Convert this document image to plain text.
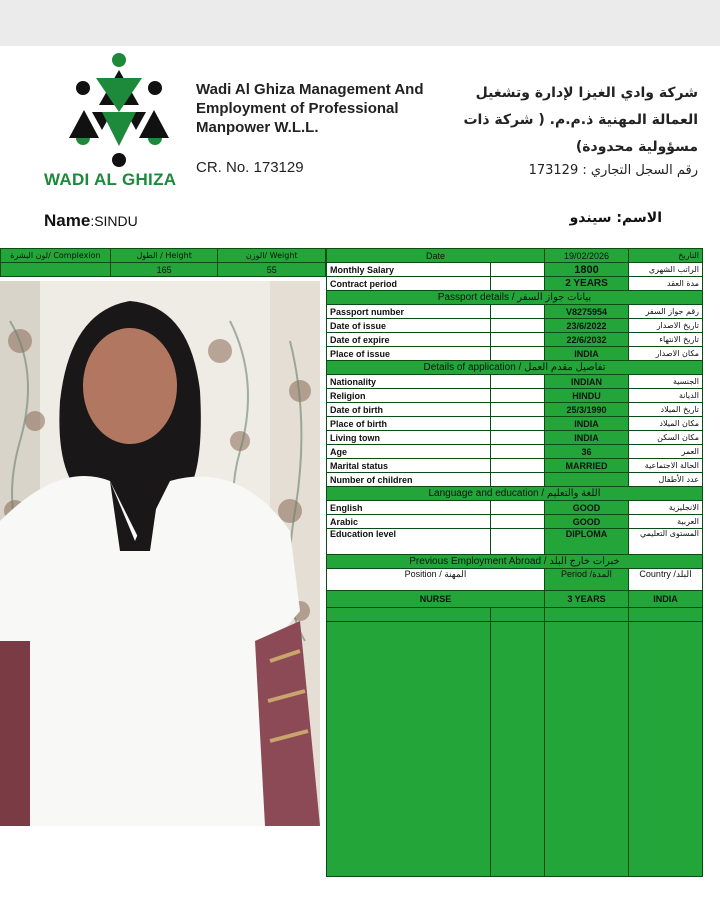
WADI AL GHIZA
Wadi Al Ghiza Management And Employment of Professional Manpower W.L.L.
CR. No. 173129
شركة وادي الغيزا لإدارة وتشغيل العمالة المهنية ذ.م.م. ( شركة ذات مسؤولية محدودة)
رقم السجل التجاري : 173129
Name:SINDU	الاسم: سيندو
Complexion /لون البشرة	Height / الطول	Weight /الوزن
	165	55
Date		19/02/2026	التاريخ
Monthly Salary		1800	الراتب الشهري
Contract period		2 YEARS	مدة العقد
Passport details / بيانات جواز السفر			
Passport number		V8275954	رقم جواز السفر
Date of issue		23/6/2022	تاريخ الاصدار
Date of expire		22/6/2032	تاريخ الانتهاء
Place of issue		INDIA	مكان الاصدار
Details of application / تفاصيل مقدم العمل			
Nationality		INDIAN	الجنسية
Religion		HINDU	الديانة
Date of birth		25/3/1990	تاريخ الميلاد
Place of birth		INDIA	مكان الميلاد
Living town		INDIA	مكان السكن
Age		36	العمر
Marital status		MARRIED	الحالة الاجتماعية
Number of children			عدد الأطفال
Language and education / اللغة والتعليم			
English		GOOD	الانجليزية
Arabic		GOOD	العربية
Education level		DIPLOMA	المستوى التعليمي
Previous Employment Abroad / خبرات خارج البلد			
Position / المهنة		Period /المدة	Country /البلد
NURSE		3 YEARS	INDIA
